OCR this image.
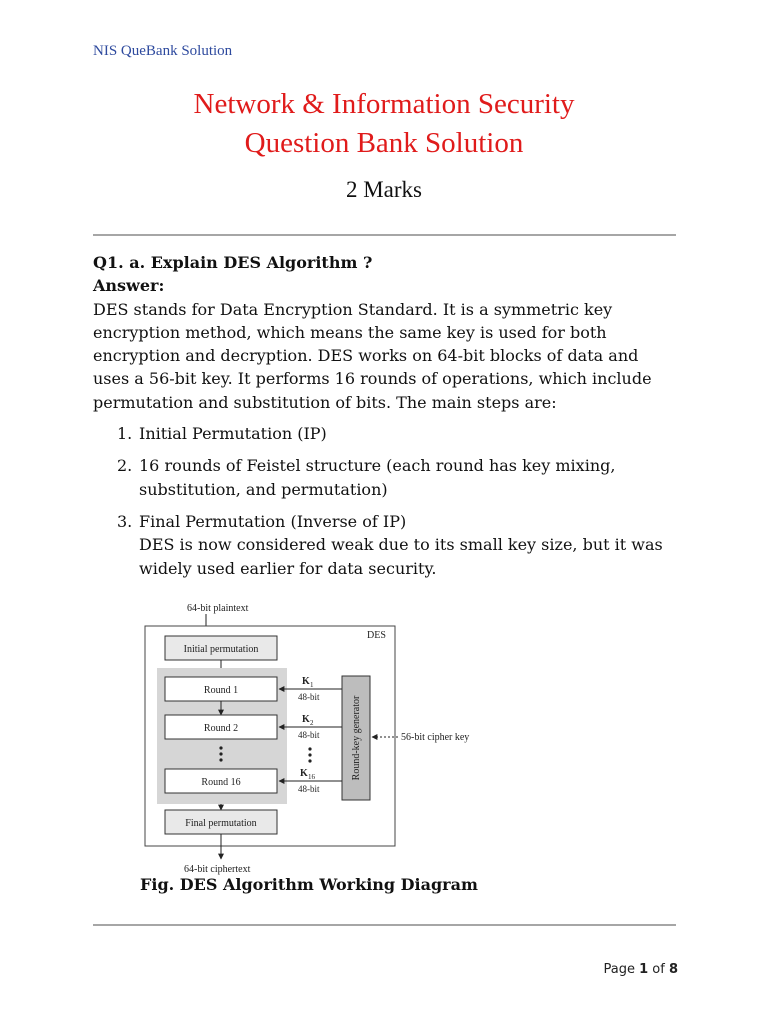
NIS QueBank Solution
Network & Information Security
Question Bank Solution
2 Marks
Q1. a. Explain DES Algorithm ?
Answer:

DES stands for Data Encryption Standard. It is a symmetric key encryption method, which means the same key is used for both encryption and decryption. DES works on 64-bit blocks of data and uses a 56-bit key. It performs 16 rounds of operations, which include permutation and substitution of bits. The main steps are:

1. Initial Permutation (IP)
2. 16 rounds of Feistel structure (each round has key mixing, substitution, and permutation)
3. Final Permutation (Inverse of IP)
DES is now considered weak due to its small key size, but it was widely used earlier for data security.
64-bit plaintext
DES
Initial permutation
Round 1
Round 2
Round 16
Final permutation
64-bit ciphertext
Round-key generator
K 1
48-bit
K 2
48-bit
K 16
48-bit
56-bit cipher key
Fig. DES Algorithm Working Diagram
Page 1 of 8
